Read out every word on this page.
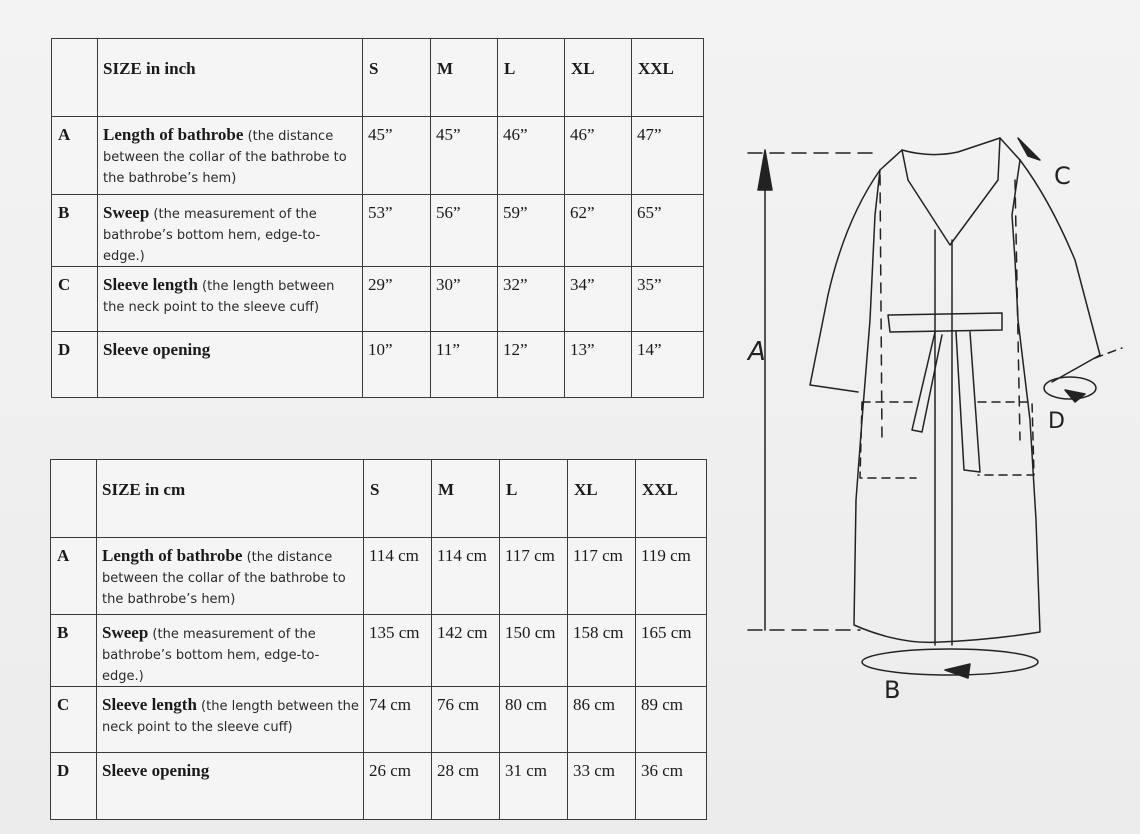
	SIZE in inch	S	M	L	XL	XXL
A	Length of bathrobe (the distance between the collar of the bathrobe to the bathrobe’s hem)	45”	45”	46”	46”	47”
B	Sweep (the measurement of the bathrobe’s bottom hem, edge-to-edge.)	53”	56”	59”	62”	65”
C	Sleeve length (the length between the neck point to the sleeve cuff)	29”	30”	32”	34”	35”
D	Sleeve opening	10”	11”	12”	13”	14”
	SIZE in cm	S	M	L	XL	XXL
A	Length of bathrobe (the distance between the collar of the bathrobe to the bathrobe’s hem)	114 cm	114 cm	117 cm	117 cm	119 cm
B	Sweep (the measurement of the bathrobe’s bottom hem, edge-to-edge.)	135 cm	142 cm	150 cm	158 cm	165 cm
C	Sleeve length (the length between the neck point to the sleeve cuff)	74 cm	76 cm	80 cm	86 cm	89 cm
D	Sleeve opening	26 cm	28 cm	31 cm	33 cm	36 cm
A
C
D
B
